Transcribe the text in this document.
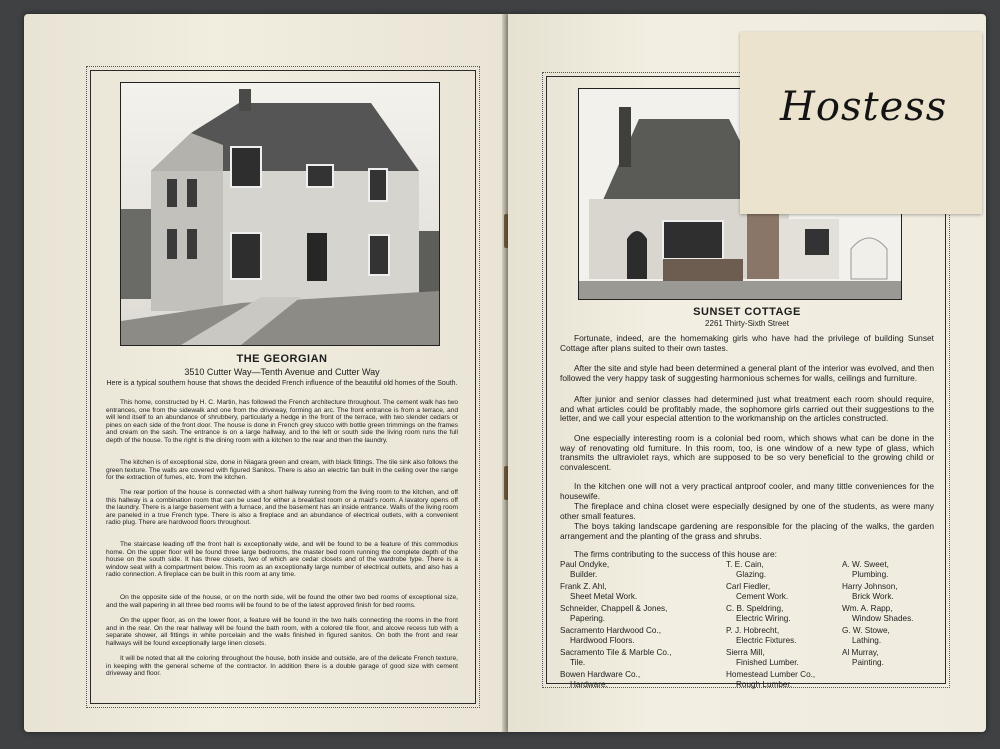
THE GEORGIAN
3510 Cutter Way—Tenth Avenue and Cutter Way
Here is a typical southern house that shows the decided French influence of the beautiful old homes of the South.

This home, constructed by H. C. Martin, has followed the French architecture throughout. The cement walk has two entrances, one from the sidewalk and one from the driveway, forming an arc. The front entrance is from a terrace, and will lend itself to an abundance of shrubbery, particularly a hedge in the front of the terrace, with two slender cedars or pines on each side of the front door. The house is done in French grey stucco with bottle green trimmings on the frames and cream on the sash. The entrance is on a large hallway, and to the left or south side the living room runs the full depth of the house. To the right is the dining room with a kitchen to the rear and then the laundry.

The kitchen is of exceptional size, done in Niagara green and cream, with black fittings. The tile sink also follows the green texture. The walls are covered with figured Sanitos. There is also an electric fan built in the ceiling over the range for the extraction of fumes, etc. from the kitchen.

The rear portion of the house is connected with a short hallway running from the living room to the kitchen, and off this hallway is a combination room that can be used for either a breakfast room or a maid's room. A lavatory opens off the laundry. There is a large basement with a furnace, and the basement has an inside entrance. Walls of the living room are paneled in a true French type. There is also a fireplace and an abundance of electrical outlets, with a convenient radio plug. There are hardwood floors throughout.

The staircase leading off the front hall is exceptionally wide, and will be found to be a feature of this commodius home. On the upper floor will be found three large bedrooms, the master bed room running the complete depth of the house on the south side. It has three closets, two of which are cedar closets and of the wardrobe type. There is a window seat with a compartment below. This room as an exceptionally large number of electrical outlets, and also has a radio connection. A fireplace can be built in this room at any time.

On the opposite side of the house, or on the north side, will be found the other two bed rooms of exceptional size, and the wall papering in all three bed rooms will be found to be of the latest approved finish for bed rooms.

On the upper floor, as on the lower floor, a feature will be found in the two halls connecting the rooms in the front and in the rear. On the rear hallway will be found the bath room, with a colored tile floor, and alcove recess tub with a separate shower, all fittings in white porcelain and the walls finished in figured sanitos. On both the front and rear hallways will be found exceptionally large linen closets.

It will be noted that all the coloring throughout the house, both inside and outside, are of the delicate French texture, in keeping with the general scheme of the contractor. In addition there is a double garage of good size with cement driveway and floor.

SUNSET COTTAGE
2261 Thirty-Sixth Street

Fortunate, indeed, are the homemaking girls who have had the privilege of building Sunset Cottage after plans suited to their own tastes.

After the site and style had been determined a general plant of the interior was evolved, and then followed the very happy task of suggesting harmonious schemes for walls, ceilings and furniture.

After junior and senior classes had determined just what treatment each room should require, and what articles could be profitably made, the sophomore girls carried out their suggestions to the letter, and we call your especial attention to the workmanship on the articles constructed.

One especially interesting room is a colonial bed room, which shows what can be done in the way of renovating old furniture. In this room, too, is one window of a new type of glass, which transmits the ultraviolet rays, which are supposed to be so very beneficial to the growing child or convalescent.

In the kitchen one will not a very practical antproof cooler, and many tittle conveniences for the housewife.

The fireplace and china closet were especially designed by one of the students, as were many other small features.

The boys taking landscape gardening are responsible for the placing of the walks, the garden arrangement and the planting of the grass and shrubs.

The firms contributing to the success of this house are:
Paul Ondyke,
Builder.
T. E. Cain,
Glazing.
A. W. Sweet,
Plumbing.
Frank Z. Ahl,
Sheet Metal Work.
Carl Fiedler,
Cement Work.
Harry Johnson,
Brick Work.
Schneider, Chappell & Jones,
Papering.
C. B. Speldring,
Electric Wiring.
Wm. A. Rapp,
Window Shades.
Sacramento Hardwood Co.,
Hardwood Floors.
P. J. Hobrecht,
Electric Fixtures.
G. W. Stowe,
Lathing.
Sacramento Tile & Marble Co.,
Tile.
Sierra Mill,
Finished Lumber.
Al Murray,
Painting.
Bowen Hardware Co.,
Hardware.
Homestead Lumber Co.,
Rough Lumber.
Hostess
